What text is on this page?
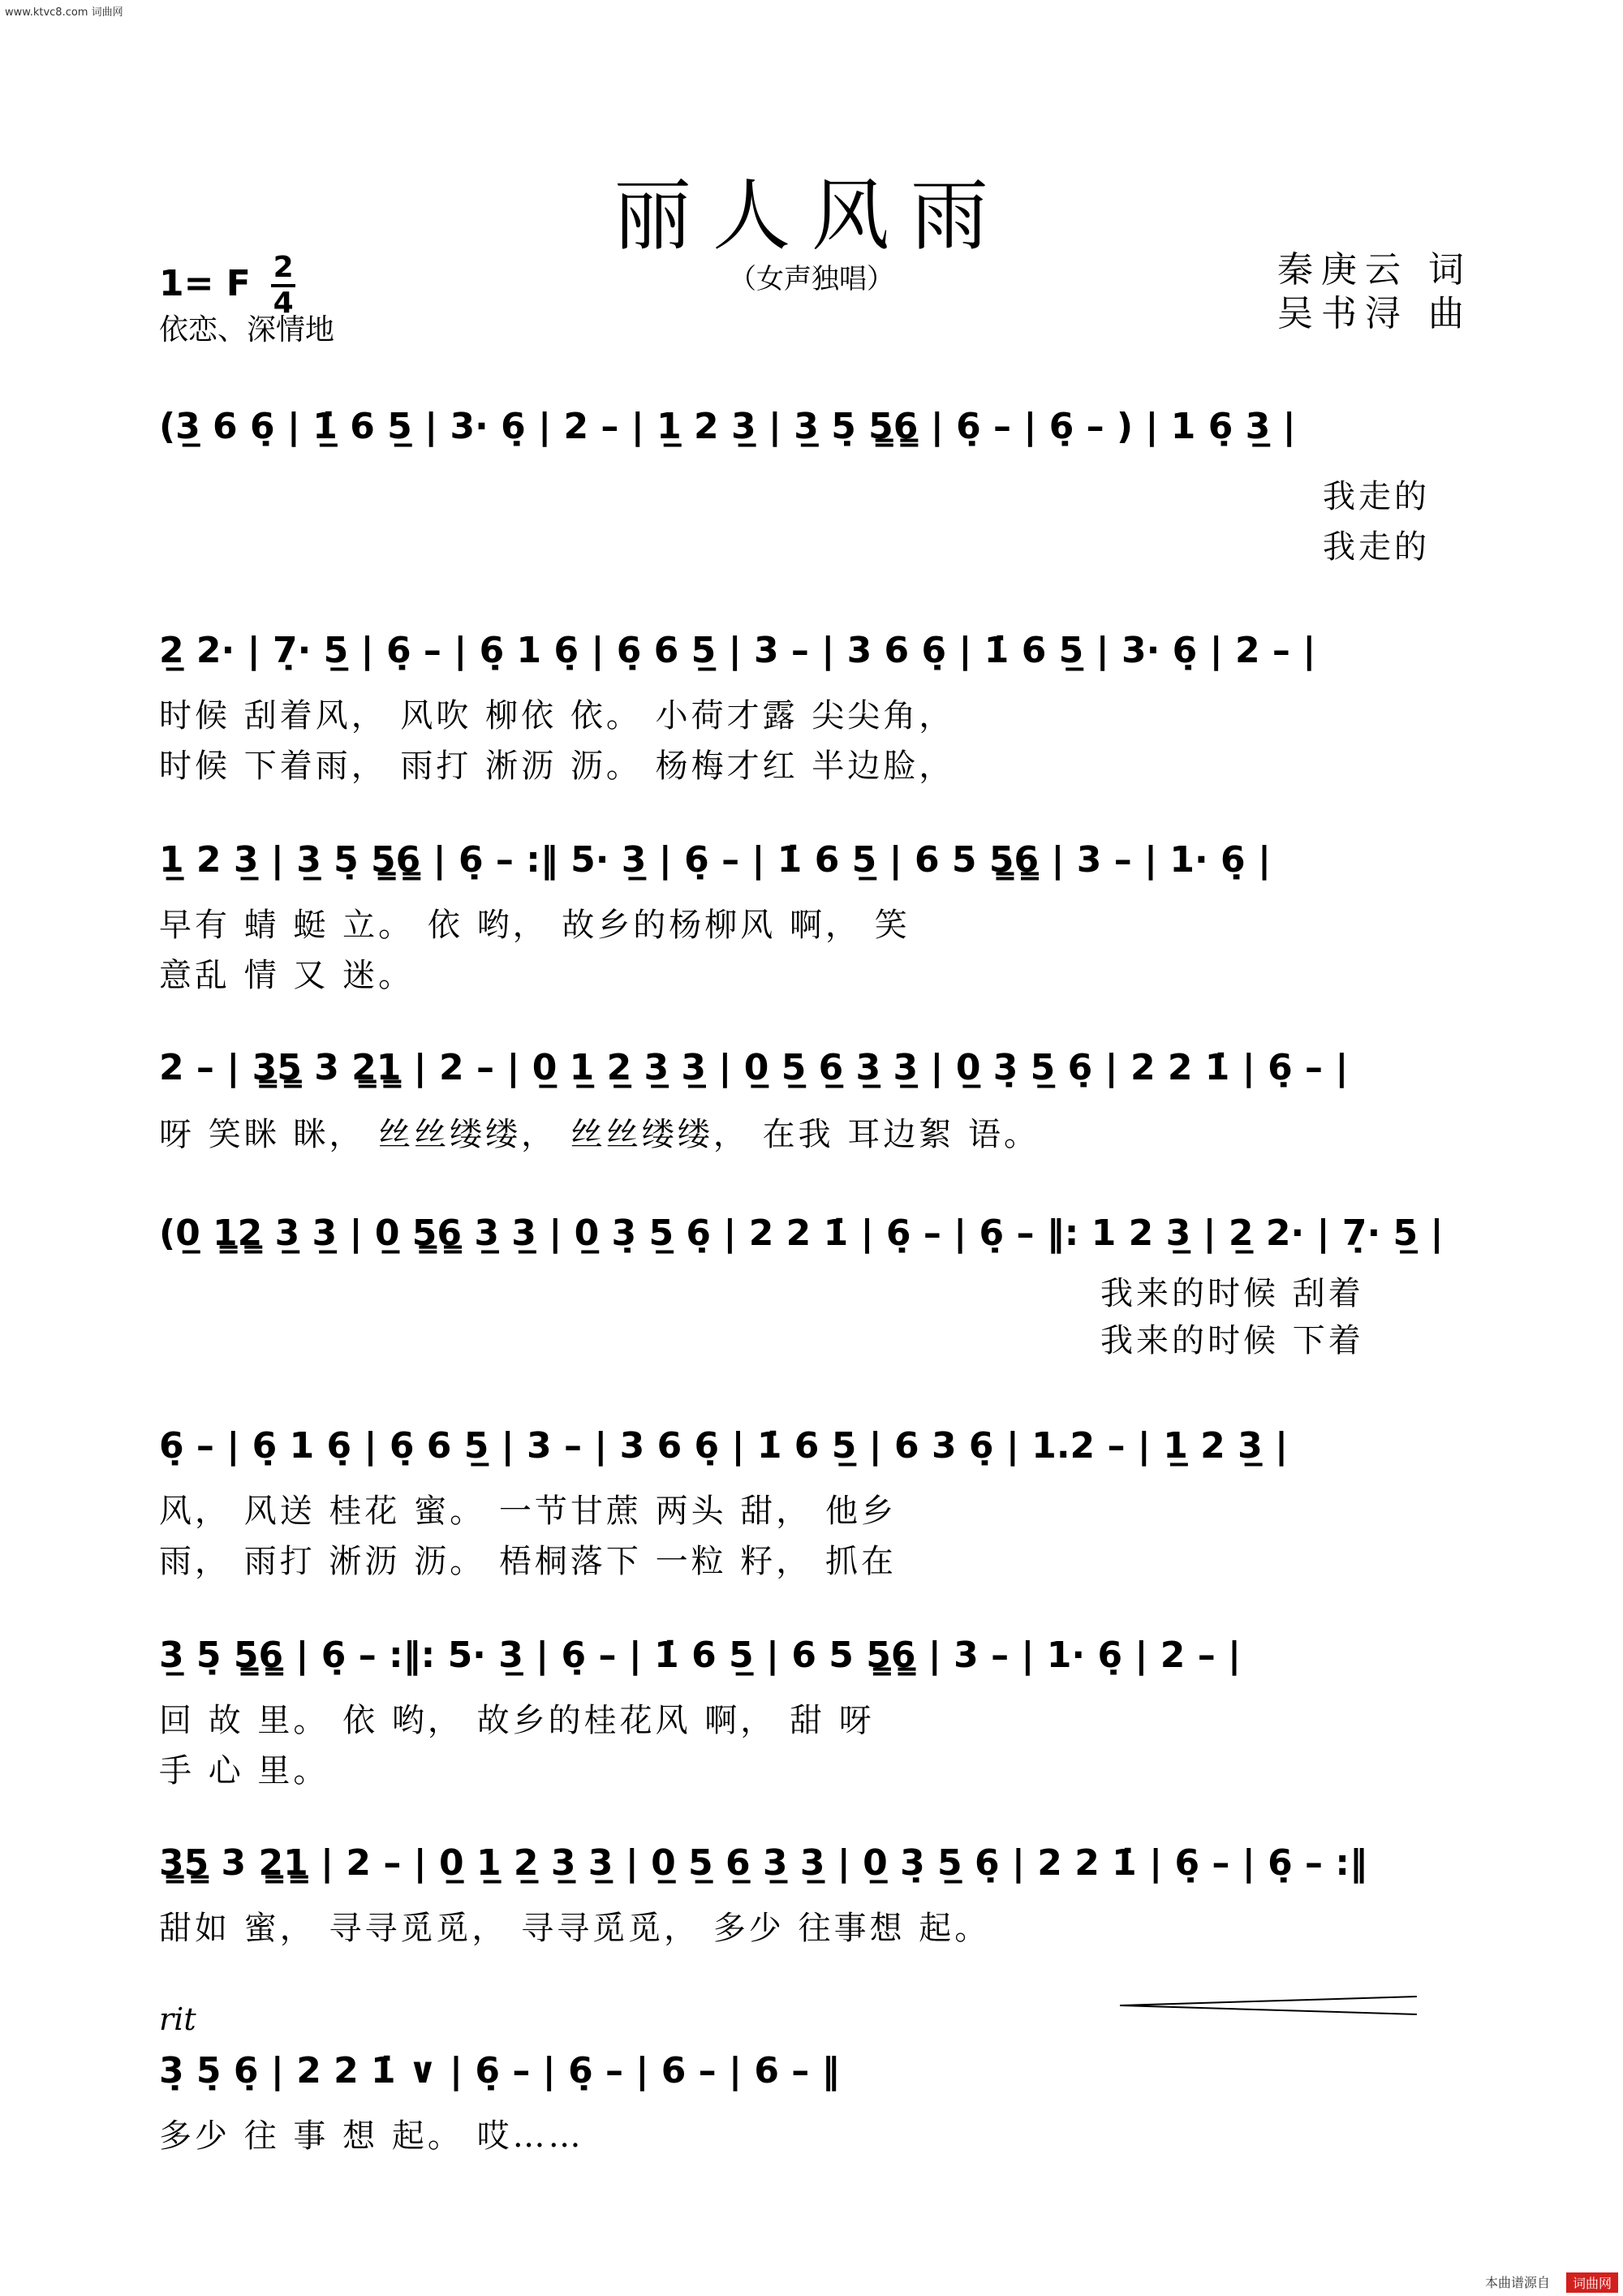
www.ktvc8.com 词曲网
丽人风雨
（女声独唱）	秦庚云 词
吴书浔 曲
1= F $\frac{2}{4}$
依恋、深情地
(3̲ 6 6̣ | 1̲̇ 6 5̲ | 3· 6̣ | 2 – | 1̲ 2 3̲ | 3̲ 5̣ 5̳6̳ | 6̣ – | 6̣ – ) | 1 6̣ 3̲ |
我走的
我走的
2̲ 2· | 7̣· 5̲ | 6̣ – | 6̣ 1 6̣ | 6̣ 6 5̲ | 3 – | 3 6 6̣ | 1̇ 6 5̲ | 3· 6̣ | 2 – |
时候 刮着风， 风吹 柳依 依。 小荷才露 尖尖角，
时候 下着雨， 雨打 淅沥 沥。 杨梅才红 半边脸，
1̲ 2 3̲ | 3̲ 5̣ 5̳6̳ | 6̣ – :‖ 5· 3̲ | 6̣ – | 1̇ 6 5̲ | 6 5 5̳6̳ | 3 – | 1· 6̣ |
早有 蜻 蜓 立。 依 哟， 故乡的杨柳风 啊， 笑
意乱 情 又 迷。
2 – | 3̳5̳ 3 2̳1̳ | 2 – | 0̲ 1̲ 2̲ 3̲ 3̲ | 0̲ 5̲ 6̲ 3̲ 3̲ | 0̲ 3̣ 5̲ 6̣ | 2 2 1̇ | 6̣ – |
呀 笑眯 眯， 丝丝缕缕， 丝丝缕缕， 在我 耳边絮 语。
(0̲ 1̳2̳ 3̲ 3̲ | 0̲ 5̳6̳ 3̲ 3̲ | 0̲ 3̣ 5̲ 6̣ | 2 2 1̇ | 6̣ – | 6̣ – ‖: 1 2 3̲ | 2̲ 2· | 7̣· 5̲ |
我来的时候 刮着
我来的时候 下着
6̣ – | 6̣ 1 6̣ | 6̣ 6 5̲ | 3 – | 3 6 6̣ | 1̇ 6 5̲ | 6 3 6̣ | 1.2 – | 1̲ 2 3̲ |
风， 风送 桂花 蜜。 一节甘蔗 两头 甜， 他乡
雨， 雨打 淅沥 沥。 梧桐落下 一粒 籽， 抓在
3̲ 5̣ 5̳6̳ | 6̣ – :‖: 5· 3̲ | 6̣ – | 1̇ 6 5̲ | 6 5 5̳6̳ | 3 – | 1· 6̣ | 2 – |
回 故 里。 依 哟， 故乡的桂花风 啊， 甜 呀
手 心 里。
3̳5̳ 3 2̳1̳ | 2 – | 0̲ 1̲ 2̲ 3̲ 3̲ | 0̲ 5̲ 6̲ 3̲ 3̲ | 0̲ 3̣ 5̲ 6̣ | 2 2 1̇ | 6̣ – | 6̣ – :‖
甜如 蜜， 寻寻觅觅， 寻寻觅觅， 多少 往事想 起。
rit
3̣ 5̣ 6̣ | 2 2 1̇ ∨ | 6̣ – | 6̣ – | 6 – | 6 – ‖
多少 往 事 想 起。 哎……
本曲谱源自	词曲网
